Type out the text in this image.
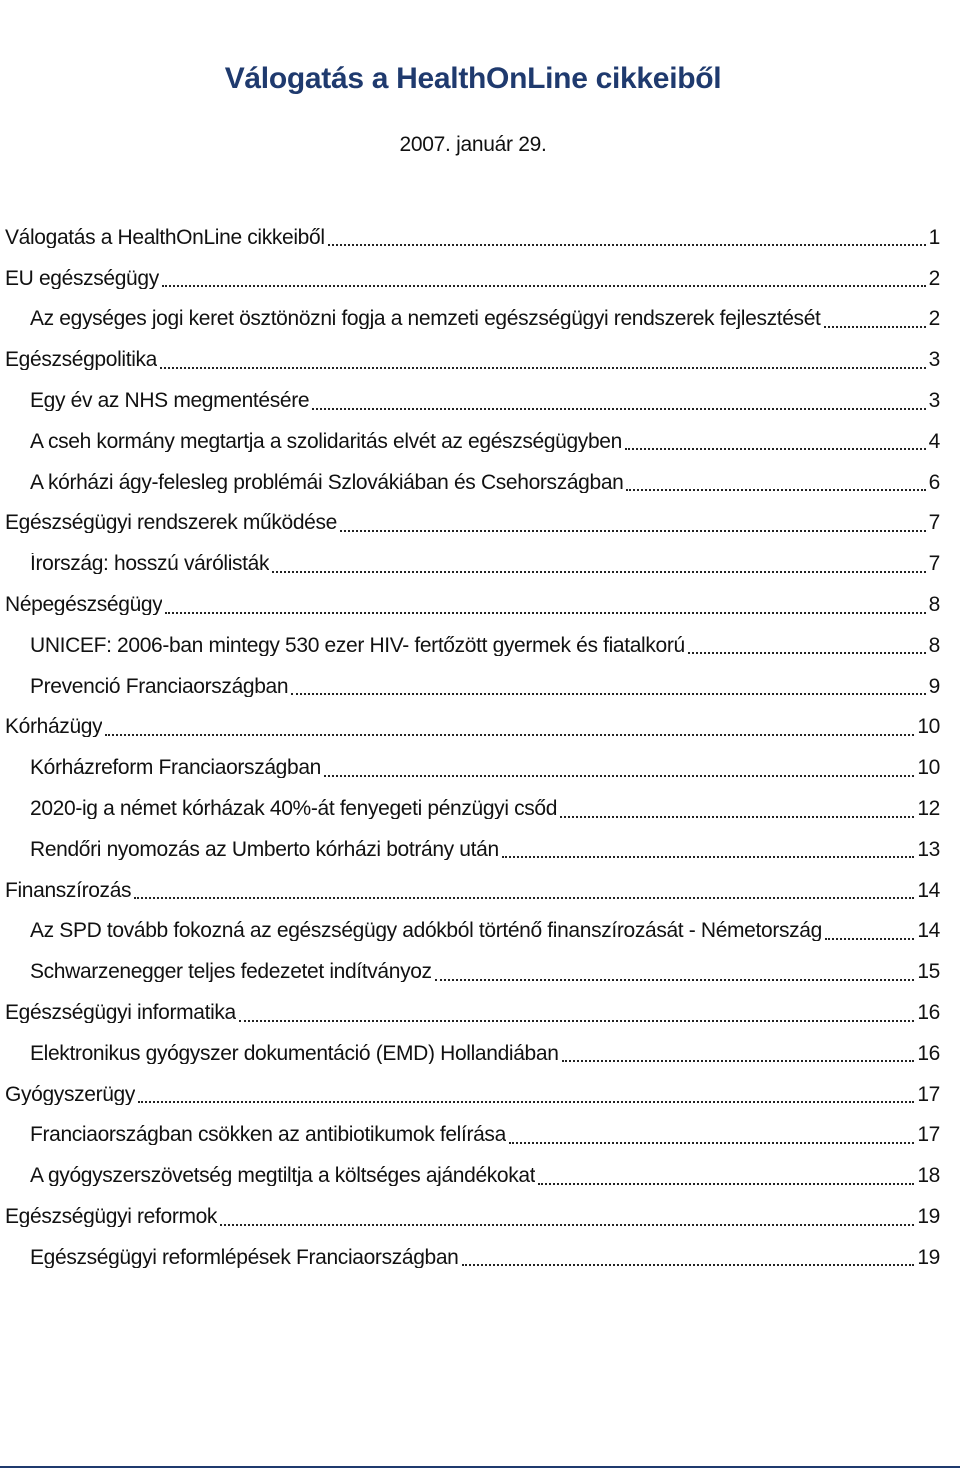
Válogatás a HealthOnLine cikkeiből
2007. január 29.
Válogatás a HealthOnLine cikkeiből	1
EU egészségügy	2
Az egységes jogi keret ösztönözni fogja a nemzeti egészségügyi rendszerek fejlesztését	2
Egészségpolitika	3
Egy év az NHS megmentésére	3
A cseh kormány megtartja a szolidaritás elvét az egészségügyben	4
A kórházi ágy-felesleg problémái Szlovákiában és Csehországban	6
Egészségügyi rendszerek működése	7
Írország: hosszú várólisták	7
Népegészségügy	8
UNICEF: 2006-ban mintegy 530 ezer HIV- fertőzött gyermek és fiatalkorú	8
Prevenció Franciaországban	9
Kórházügy	10
Kórházreform Franciaországban	10
2020-ig a német kórházak 40%-át fenyegeti pénzügyi csőd	12
Rendőri nyomozás az Umberto kórházi botrány után	13
Finanszírozás	14
Az SPD tovább fokozná az egészségügy adókból történő finanszírozását - Németország	14
Schwarzenegger teljes fedezetet indítványoz	15
Egészségügyi informatika	16
Elektronikus gyógyszer dokumentáció (EMD) Hollandiában	16
Gyógyszerügy	17
Franciaországban csökken az antibiotikumok felírása	17
A gyógyszerszövetség megtiltja a költséges ajándékokat	18
Egészségügyi reformok	19
Egészségügyi reformlépések Franciaországban	19
